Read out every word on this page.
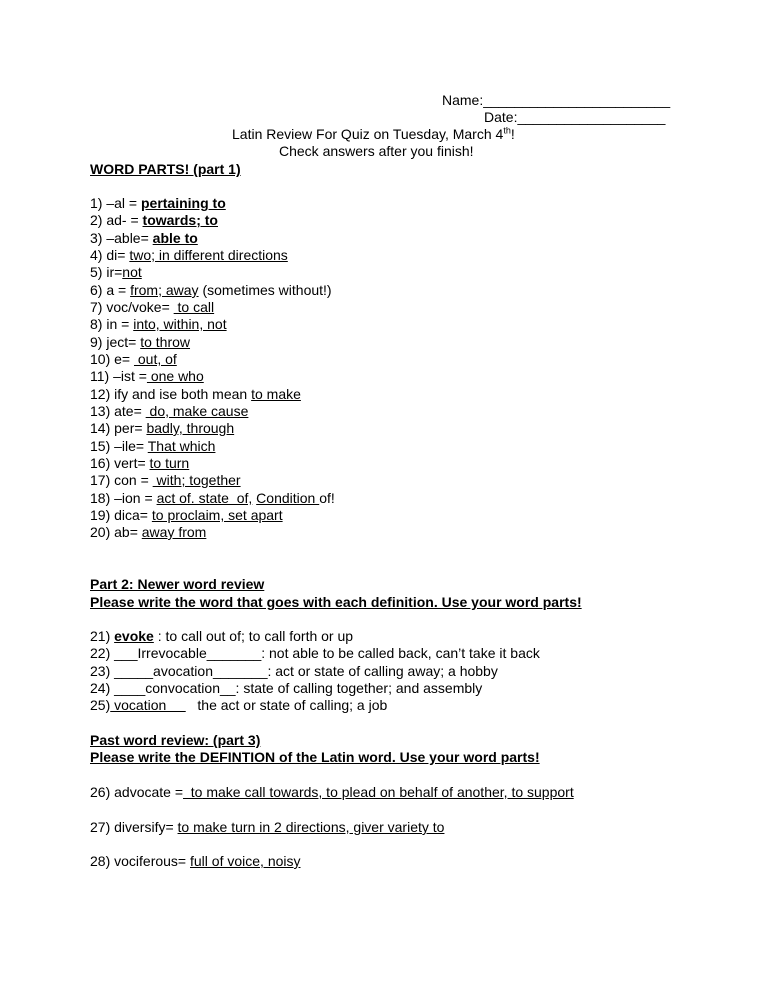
Name:________________________
Date:___________________
Latin Review For Quiz on Tuesday, March 4th!
Check answers after you finish!
WORD PARTS! (part 1)
1) –al = pertaining to
2) ad- = towards; to
3) –able= able to
4) di= two; in different directions
5) ir=not
6) a = from; away (sometimes without!)
7) voc/voke=  to call
8) in = into, within, not
9) ject= to throw
10) e=  out, of
11) –ist = one who
12) ify and ise both mean to make
13) ate=  do, make cause
14) per= badly, through
15) –ile= That which
16) vert= to turn
17) con =  with; together
18) –ion = act of. state  of, Condition of!
19) dica= to proclaim, set apart
20) ab= away from
Part 2: Newer word review
Please write the word that goes with each definition. Use your word parts!
21) evoke : to call out of; to call forth or up
22) ___Irrevocable_______: not able to be called back, can’t take it back
23) _____avocation_______: act or state of calling away; a hobby
24) ____convocation__: state of calling together; and assembly
25) vocation        the act or state of calling; a job
Past word review: (part 3)
Please write the DEFINTION of the Latin word. Use your word parts!
26) advocate =  to make call towards, to plead on behalf of another, to support
27) diversify= to make turn in 2 directions, giver variety to
28) vociferous= full of voice, noisy
